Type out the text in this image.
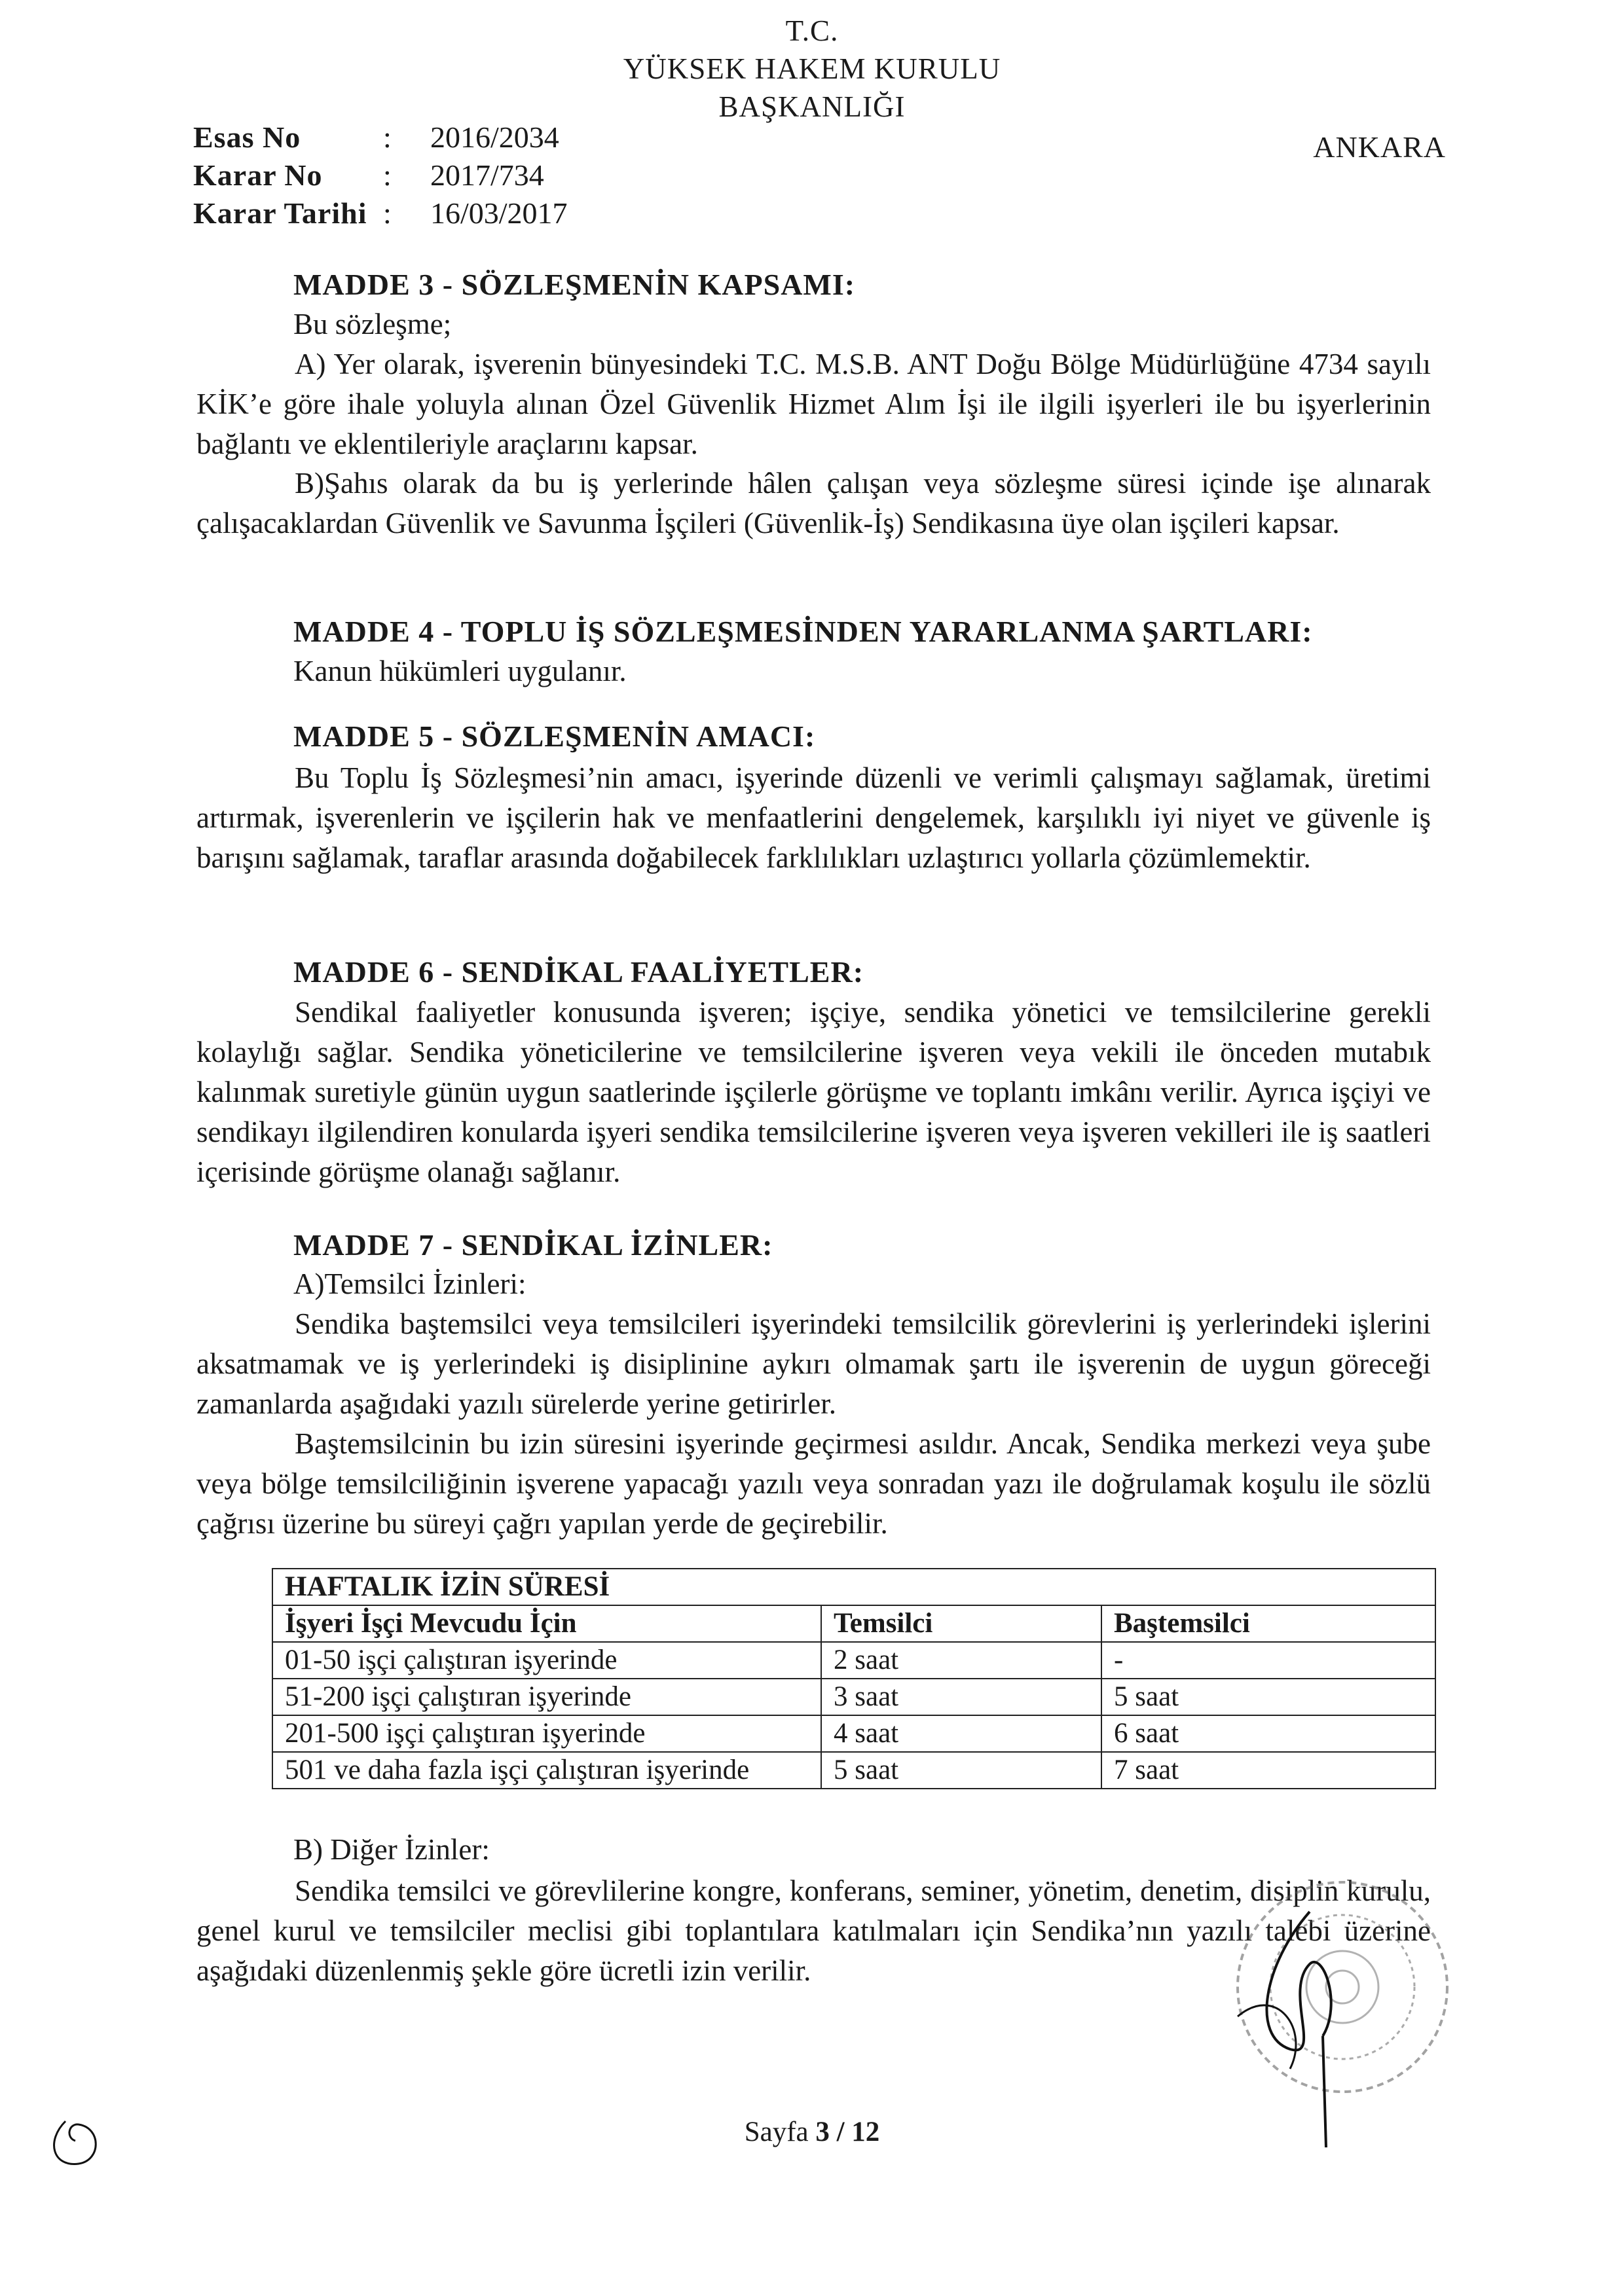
T.C.
YÜKSEK HAKEM KURULU
BAŞKANLIĞI
ANKARA
Esas No	: 2016/2034
Karar No : 2017/734
Karar Tarihi : 16/03/2017
MADDE 3 - SÖZLEŞMENİN KAPSAMI:
Bu sözleşme;
A) Yer olarak, işverenin bünyesindeki T.C. M.S.B. ANT Doğu Bölge Müdürlüğüne 4734 sayılı KİK’e göre ihale yoluyla alınan Özel Güvenlik Hizmet Alım İşi ile ilgili işyerleri ile bu işyerlerinin bağlantı ve eklentileriyle araçlarını kapsar.
B)Şahıs olarak da bu iş yerlerinde hâlen çalışan veya sözleşme süresi içinde işe alınarak çalışacaklardan Güvenlik ve Savunma İşçileri (Güvenlik-İş) Sendikasına üye olan işçileri kapsar.
MADDE 4 - TOPLU İŞ SÖZLEŞMESİNDEN YARARLANMA ŞARTLARI:
Kanun hükümleri uygulanır.
MADDE 5 - SÖZLEŞMENİN AMACI:
Bu Toplu İş Sözleşmesi’nin amacı, işyerinde düzenli ve verimli çalışmayı sağlamak, üretimi artırmak, işverenlerin ve işçilerin hak ve menfaatlerini dengelemek, karşılıklı iyi niyet ve güvenle iş barışını sağlamak, taraflar arasında doğabilecek farklılıkları uzlaştırıcı yollarla çözümlemektir.
MADDE 6 - SENDİKAL FAALİYETLER:
Sendikal faaliyetler konusunda işveren; işçiye, sendika yönetici ve temsilcilerine gerekli kolaylığı sağlar. Sendika yöneticilerine ve temsilcilerine işveren veya vekili ile önceden mutabık kalınmak suretiyle günün uygun saatlerinde işçilerle görüşme ve toplantı imkânı verilir. Ayrıca işçiyi ve sendikayı ilgilendiren konularda işyeri sendika temsilcilerine işveren veya işveren vekilleri ile iş saatleri içerisinde görüşme olanağı sağlanır.
MADDE 7 - SENDİKAL İZİNLER:
A)Temsilci İzinleri:
Sendika baştemsilci veya temsilcileri işyerindeki temsilcilik görevlerini iş yerlerindeki işlerini aksatmamak ve iş yerlerindeki iş disiplinine aykırı olmamak şartı ile işverenin de uygun göreceği zamanlarda aşağıdaki yazılı sürelerde yerine getirirler.
Baştemsilcinin bu izin süresini işyerinde geçirmesi asıldır. Ancak, Sendika merkezi veya şube veya bölge temsilciliğinin işverene yapacağı yazılı veya sonradan yazı ile doğrulamak koşulu ile sözlü çağrısı üzerine bu süreyi çağrı yapılan yerde de geçirebilir.
HAFTALIK İZİN SÜRESİ		
İşyeri İşçi Mevcudu İçin	Temsilci	Baştemsilci
01-50 işçi çalıştıran işyerinde	2 saat	-
51-200 işçi çalıştıran işyerinde	3 saat	5 saat
201-500 işçi çalıştıran işyerinde	4 saat	6 saat
501 ve daha fazla işçi çalıştıran işyerinde	5 saat	7 saat
B) Diğer İzinler:
Sendika temsilci ve görevlilerine kongre, konferans, seminer, yönetim, denetim, disiplin kurulu, genel kurul ve temsilciler meclisi gibi toplantılara katılmaları için Sendika’nın yazılı talebi üzerine aşağıdaki düzenlenmiş şekle göre ücretli izin verilir.
Sayfa 3 / 12
